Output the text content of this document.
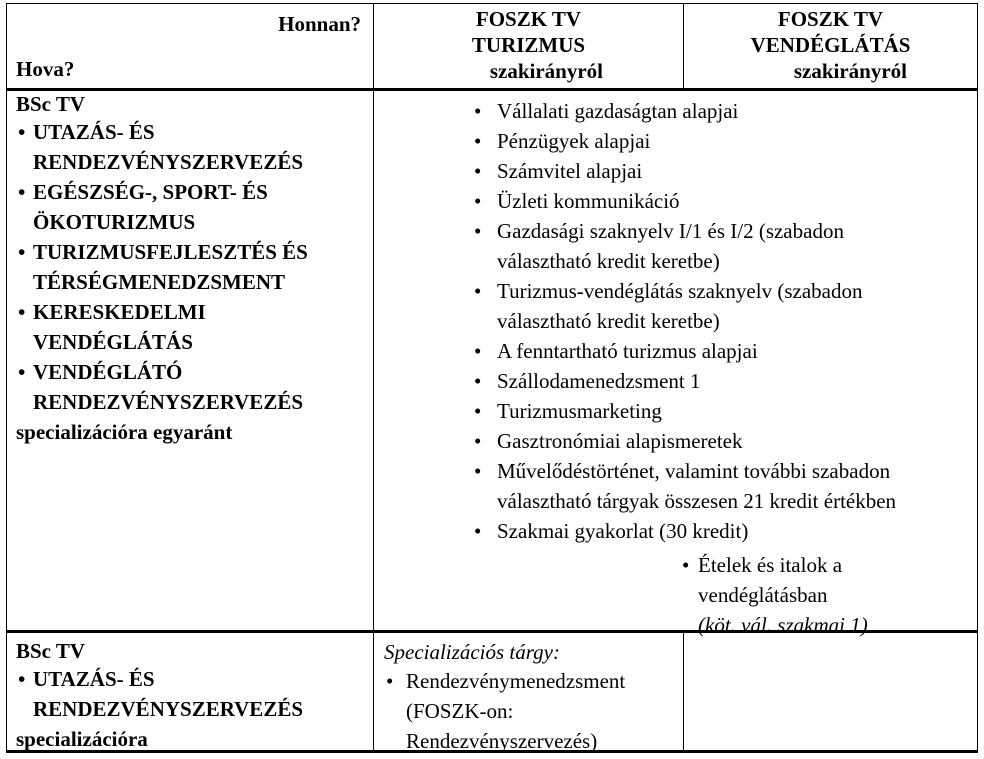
Honnan?
Hova?
FOSZK TV
TURIZMUS
szakirányról
FOSZK TV
VENDÉGLÁTÁS
szakirányról
BSc TV
• UTAZÁS- ÉS
RENDEZVÉNYSZERVEZÉS
• EGÉSZSÉG-, SPORT- ÉS
ÖKOTURIZMUS
• TURIZMUSFEJLESZTÉS ÉS
TÉRSÉGMENEDZSMENT
• KERESKEDELMI
VENDÉGLÁTÁS
• VENDÉGLÁTÓ
RENDEZVÉNYSZERVEZÉS
specializációra egyaránt
• Vállalati gazdaságtan alapjai
• Pénzügyek alapjai
• Számvitel alapjai
• Üzleti kommunikáció
• Gazdasági szaknyelv I/1 és I/2 (szabadon
választható kredit keretbe)
• Turizmus-vendéglátás szaknyelv (szabadon
választható kredit keretbe)
• A fenntartható turizmus alapjai
• Szállodamenedzsment 1
• Turizmusmarketing
• Gasztronómiai alapismeretek
• Művelődéstörténet, valamint további szabadon
választható tárgyak összesen 21 kredit értékben
• Szakmai gyakorlat (30 kredit)
• Ételek és italok a
vendéglátásban
(köt. vál. szakmai 1)
BSc TV
• UTAZÁS- ÉS
RENDEZVÉNYSZERVEZÉS
specializációra
Specializációs tárgy:
• Rendezvénymenedzsment
(FOSZK-on:
Rendezvényszervezés)
